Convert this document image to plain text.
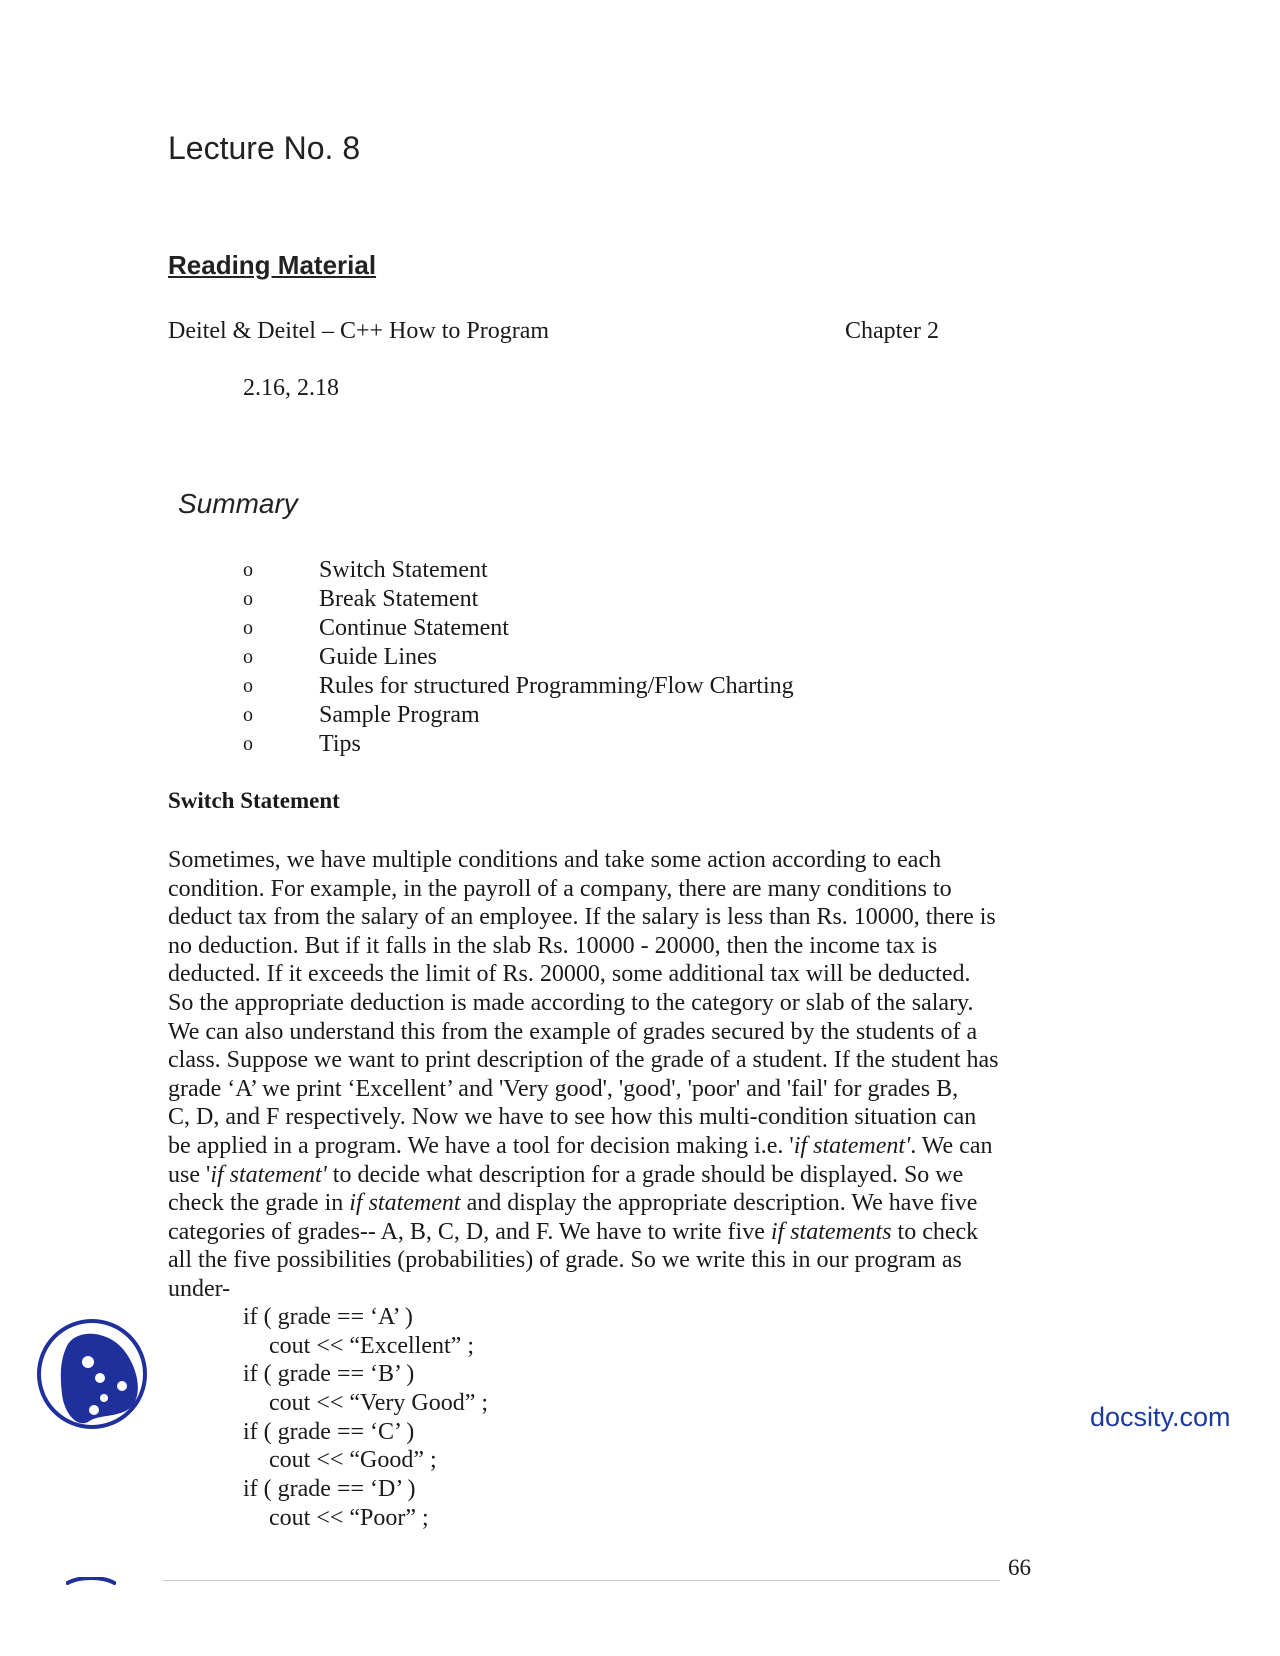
Lecture No. 8
Reading Material
Deitel & Deitel – C++ How to Program	Chapter 2
2.16, 2.18
Summary
o	Switch Statement
o	Break Statement
o	Continue Statement
o	Guide Lines
o	Rules for structured Programming/Flow Charting
o	Sample Program
o	Tips
Switch Statement
Sometimes, we have multiple conditions and take some action according to each
condition. For example, in the payroll of a company, there are many conditions to
deduct tax from the salary of an employee. If the salary is less than Rs. 10000, there is
no deduction. But if it falls in the slab Rs. 10000 - 20000, then the income tax is
deducted. If it exceeds the limit of Rs. 20000, some additional tax will be deducted.
So the appropriate deduction is made according to the category or slab of the salary.
We can also understand this from the example of grades secured by the students of a
class. Suppose we want to print description of the grade of a student. If the student has
grade ‘A’ we print ‘Excellent’ and 'Very good', 'good', 'poor' and 'fail' for grades B,
C, D, and F respectively. Now we have to see how this multi-condition situation can
be applied in a program. We have a tool for decision making i.e. 'if statement'. We can
use 'if statement' to decide what description for a grade should be displayed. So we
check the grade in if statement and display the appropriate description. We have five
categories of grades-- A, B, C, D, and F. We have to write five if statements to check
all the five possibilities (probabilities) of grade. So we write this in our program as
under-
if ( grade == ‘A’ )
cout << “Excellent” ;
if ( grade == ‘B’ )
cout << “Very Good” ;
if ( grade == ‘C’ )
cout << “Good” ;
if ( grade == ‘D’ )
cout << “Poor” ;
docsity.com
66
